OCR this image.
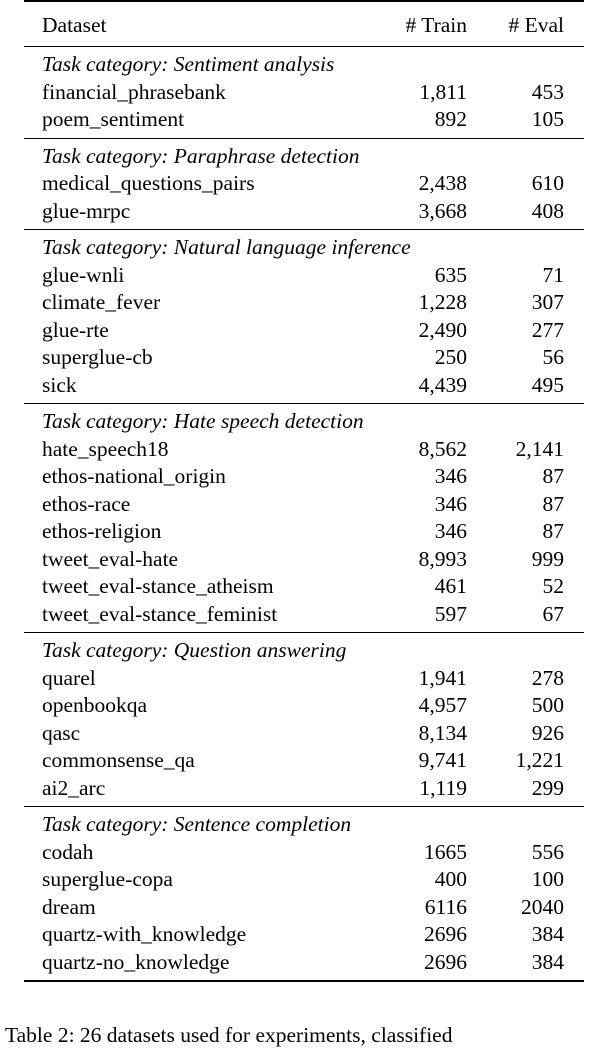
Dataset	# Train # Eval
Task category: Sentiment analysis
financial_phrasebank	1,811	453
poem_sentiment	892	105
Task category: Paraphrase detection
medical_questions_pairs	2,438	610
glue-mrpc	3,668	408
Task category: Natural language inference
glue-wnli	635	71
climate_fever	1,228	307
glue-rte	2,490	277
superglue-cb	250	56
sick	4,439	495
Task category: Hate speech detection
hate_speech18	8,562 2,141
ethos-national_origin	346	87
ethos-race	346	87
ethos-religion	346	87
tweet_eval-hate	8,993	999
tweet_eval-stance_atheism	461	52
tweet_eval-stance_feminist	597	67
Task category: Question answering
quarel	1,941	278
openbookqa	4,957	500
qasc	8,134	926
commonsense_qa	9,741 1,221
ai2_arc	1,119	299
Task category: Sentence completion
codah	1665	556
superglue-copa	400	100
dream	6116	2040
quartz-with_knowledge	2696	384
quartz-no_knowledge	2696	384
Table 2: 26 datasets used for experiments, classified
